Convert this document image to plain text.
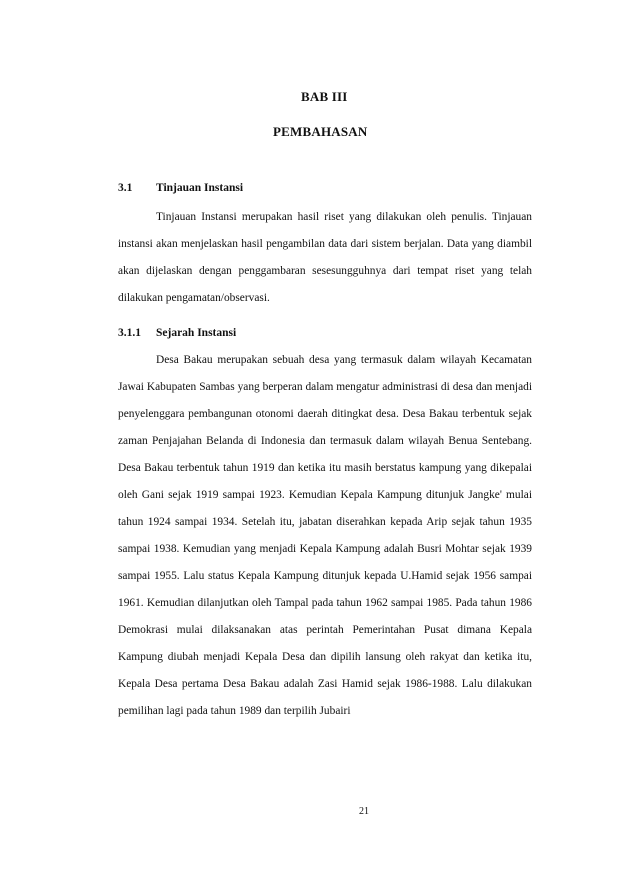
BAB III
PEMBAHASAN
3.1 Tinjauan Instansi

Tinjauan Instansi merupakan hasil riset yang dilakukan oleh penulis. Tinjauan instansi akan menjelaskan hasil pengambilan data dari sistem berjalan. Data yang diambil akan dijelaskan dengan penggambaran sesesungguhnya dari tempat riset yang telah dilakukan pengamatan/observasi.

3.1.1 Sejarah Instansi

Desa Bakau merupakan sebuah desa yang termasuk dalam wilayah Kecamatan Jawai Kabupaten Sambas yang berperan dalam mengatur administrasi di desa dan menjadi penyelenggara pembangunan otonomi daerah ditingkat desa. Desa Bakau terbentuk sejak zaman Penjajahan Belanda di Indonesia dan termasuk dalam wilayah Benua Sentebang. Desa Bakau terbentuk tahun 1919 dan ketika itu masih berstatus kampung yang dikepalai oleh Gani sejak 1919 sampai 1923. Kemudian Kepala Kampung ditunjuk Jangke' mulai tahun 1924 sampai 1934. Setelah itu, jabatan diserahkan kepada Arip sejak tahun 1935 sampai 1938. Kemudian yang menjadi Kepala Kampung adalah Busri Mohtar sejak 1939 sampai 1955. Lalu status Kepala Kampung ditunjuk kepada U.Hamid sejak 1956 sampai 1961. Kemudian dilanjutkan oleh Tampal pada tahun 1962 sampai 1985. Pada tahun 1986 Demokrasi mulai dilaksanakan atas perintah Pemerintahan Pusat dimana Kepala Kampung diubah menjadi Kepala Desa dan dipilih lansung oleh rakyat dan ketika itu, Kepala Desa pertama Desa Bakau adalah Zasi Hamid sejak 1986-1988. Lalu dilakukan pemilihan lagi pada tahun 1989 dan terpilih Jubairi

21
